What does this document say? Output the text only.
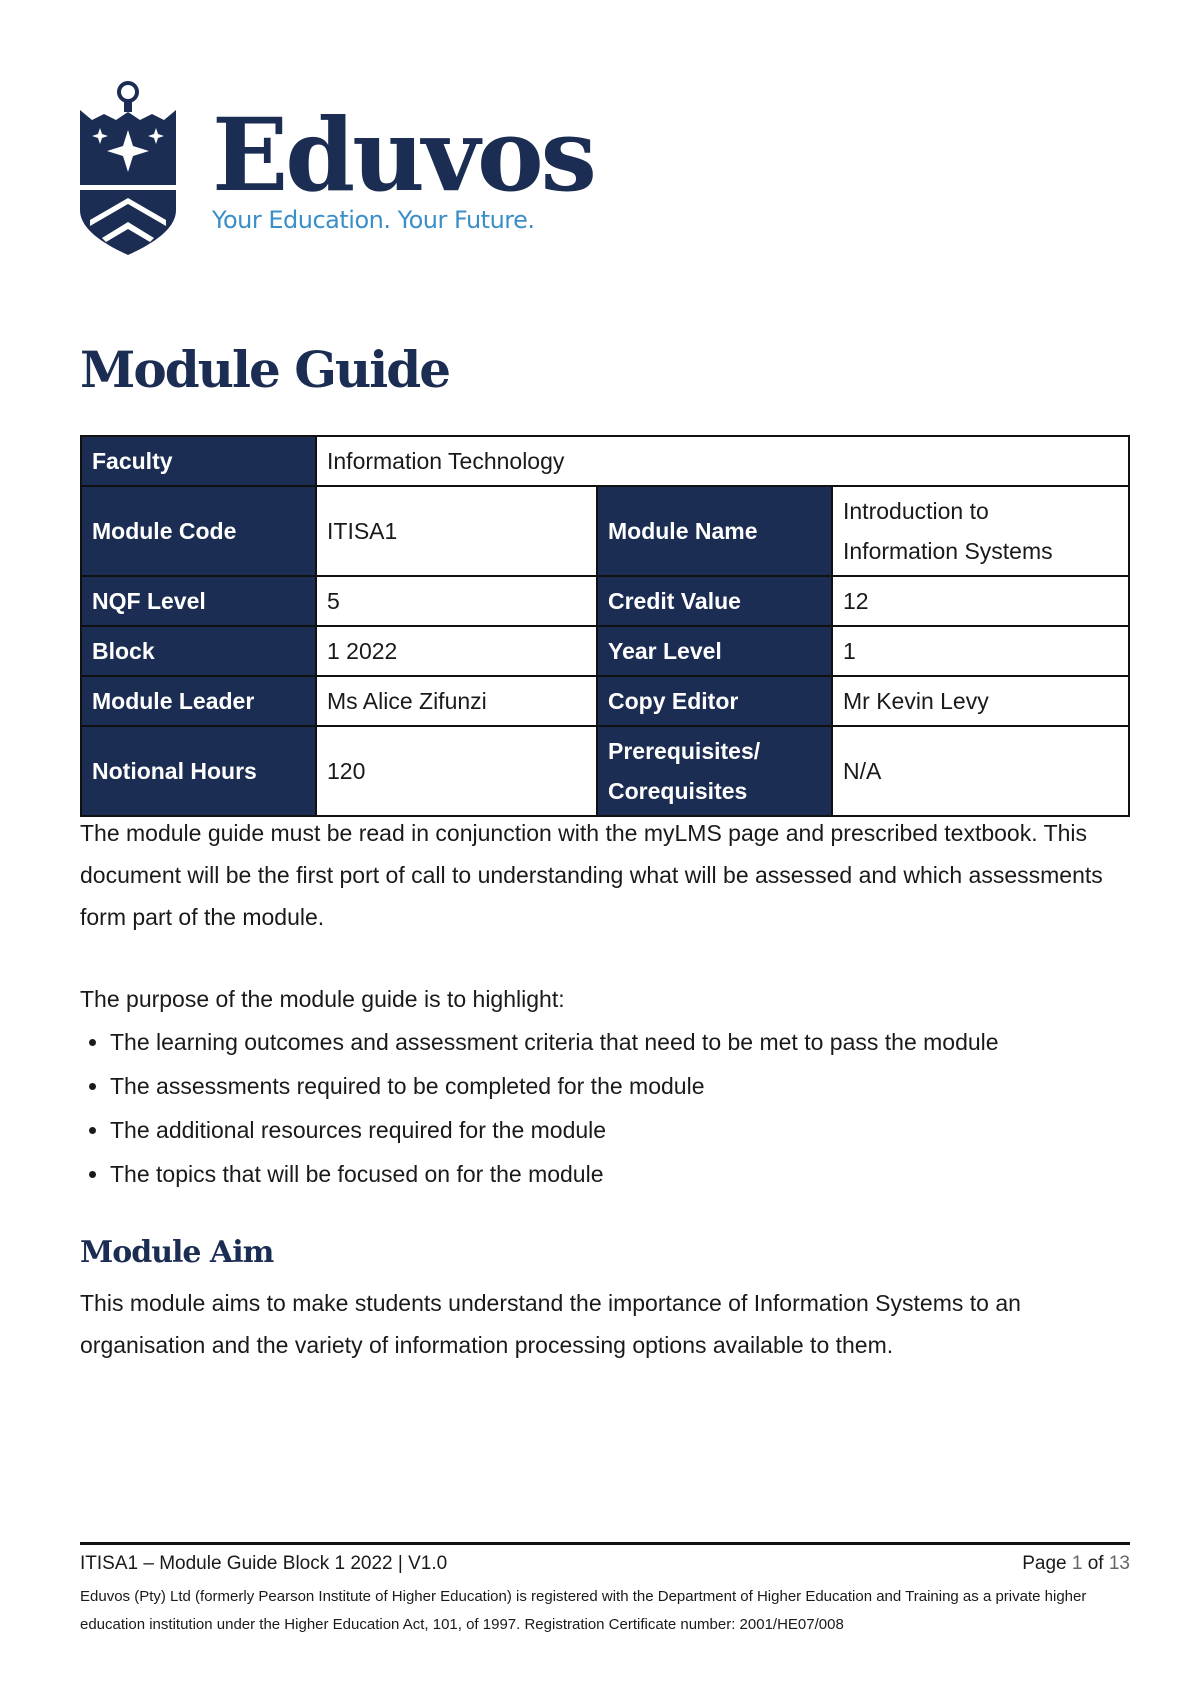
Eduvos
Your Education. Your Future.
Module Guide
Faculty	Information Technology		
Module Code	ITISA1	Module Name	Introduction to
Information Systems

NQF Level	5	Credit Value	12
Block	1 2022	Year Level	1
Module Leader	Ms Alice Zifunzi	Copy Editor	Mr Kevin Levy
Notional Hours	120	Prerequisites/
Corequisites	N/A

The module guide must be read in conjunction with the myLMS page and prescribed textbook. This document will be the first port of call to understanding what will be assessed and which assessments form part of the module.

The purpose of the module guide is to highlight:

• The learning outcomes and assessment criteria that need to be met to pass the module
• The assessments required to be completed for the module
• The additional resources required for the module
• The topics that will be focused on for the module
Module Aim

This module aims to make students understand the importance of Information Systems to an organisation and the variety of information processing options available to them.

ITISA1 – Module Guide Block 1 2022 | V1.0	Page 1 of 13
Eduvos (Pty) Ltd (formerly Pearson Institute of Higher Education) is registered with the Department of Higher Education and Training as a private higher education institution under the Higher Education Act, 101, of 1997. Registration Certificate number: 2001/HE07/008
